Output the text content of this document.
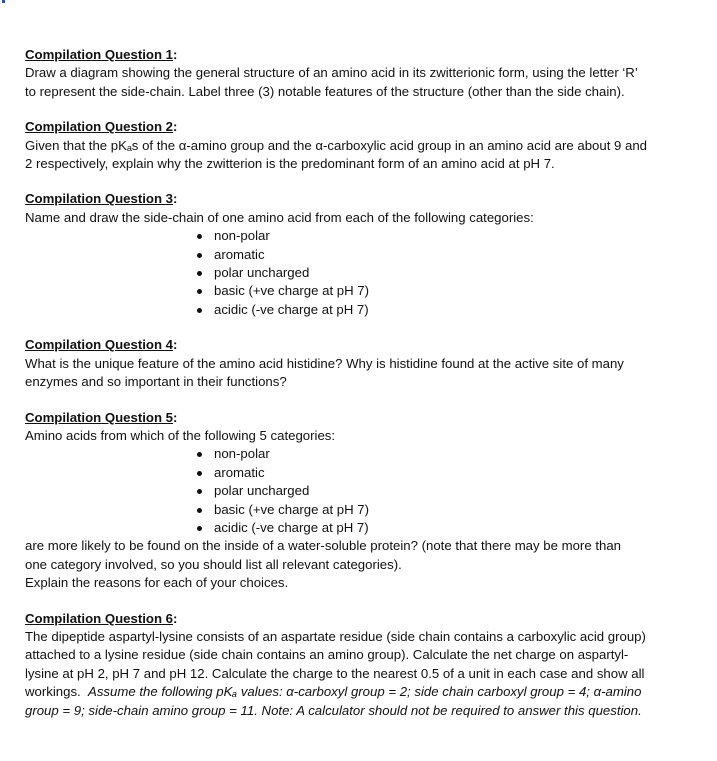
Compilation Question 1:
Draw a diagram showing the general structure of an amino acid in its zwitterionic form, using the letter ‘R’
to represent the side-chain. Label three (3) notable features of the structure (other than the side chain).
Compilation Question 2:
Given that the pKₐs of the α-amino group and the α-carboxylic acid group in an amino acid are about 9 and
2 respectively, explain why the zwitterion is the predominant form of an amino acid at pH 7.
Compilation Question 3:
Name and draw the side-chain of one amino acid from each of the following categories:
non-polar
aromatic
polar uncharged
basic (+ve charge at pH 7)
acidic (-ve charge at pH 7)
Compilation Question 4:
What is the unique feature of the amino acid histidine? Why is histidine found at the active site of many
enzymes and so important in their functions?
Compilation Question 5:
Amino acids from which of the following 5 categories:
non-polar
aromatic
polar uncharged
basic (+ve charge at pH 7)
acidic (-ve charge at pH 7)
are more likely to be found on the inside of a water-soluble protein? (note that there may be more than
one category involved, so you should list all relevant categories).
Explain the reasons for each of your choices.
Compilation Question 6:
The dipeptide aspartyl-lysine consists of an aspartate residue (side chain contains a carboxylic acid group)
attached to a lysine residue (side chain contains an amino group). Calculate the net charge on aspartyl-
lysine at pH 2, pH 7 and pH 12. Calculate the charge to the nearest 0.5 of a unit in each case and show all
workings. Assume the following pKₐ values: α-carboxyl group = 2; side chain carboxyl group = 4; α-amino
group = 9; side-chain amino group = 11. Note: A calculator should not be required to answer this question.
